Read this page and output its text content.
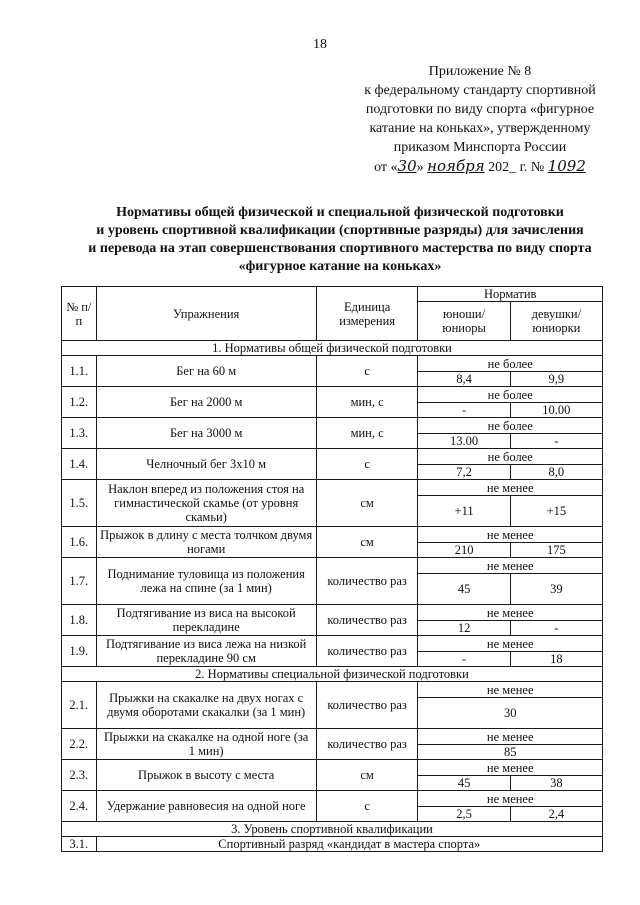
18
Приложение № 8
к федеральному стандарту спортивной
подготовки по виду спорта «фигурное
катание на коньках», утвержденному
приказом Минспорта России
от «30» ноября 202_ г. № 1092
Нормативы общей физической и специальной физической подготовки
и уровень спортивной квалификации (спортивные разряды) для зачисления
и перевода на этап совершенствования спортивного мастерства по виду спорта
«фигурное катание на коньках»
№ п/п	Упражнения	Единица измерения	Норматив	
			юноши/ юниоры	девушки/ юниорки
1. Нормативы общей физической подготовки				
1.1.	Бег на 60 м	с	не более	
			8,4	9,9
1.2.	Бег на 2000 м	мин, с	не более	
			-	10.00
1.3.	Бег на 3000 м	мин, с	не более	
			13.00	-
1.4.	Челночный бег 3х10 м	с	не более	
			7,2	8,0
1.5.	Наклон вперед из положения стоя на гимнастической скамье (от уровня скамьи)	см	не менее	
			+11	+15
1.6.	Прыжок в длину с места толчком двумя ногами	см	не менее	
			210	175
1.7.	Поднимание туловища из положения лежа на спине (за 1 мин)	количество раз	не менее	
			45	39
1.8.	Подтягивание из виса на высокой перекладине	количество раз	не менее	
			12	-
1.9.	Подтягивание из виса лежа на низкой перекладине 90 см	количество раз	не менее	
			-	18
2. Нормативы специальной физической подготовки				
2.1.	Прыжки на скакалке на двух ногах с двумя оборотами скакалки (за 1 мин)	количество раз	не менее	
			30	
2.2.	Прыжки на скакалке на одной ноге (за 1 мин)	количество раз	не менее	
			85	
2.3.	Прыжок в высоту с места	см	не менее	
			45	38
2.4.	Удержание равновесия на одной ноге	с	не менее	
			2,5	2,4
3. Уровень спортивной квалификации				
3.1.	Спортивный разряд «кандидат в мастера спорта»			
